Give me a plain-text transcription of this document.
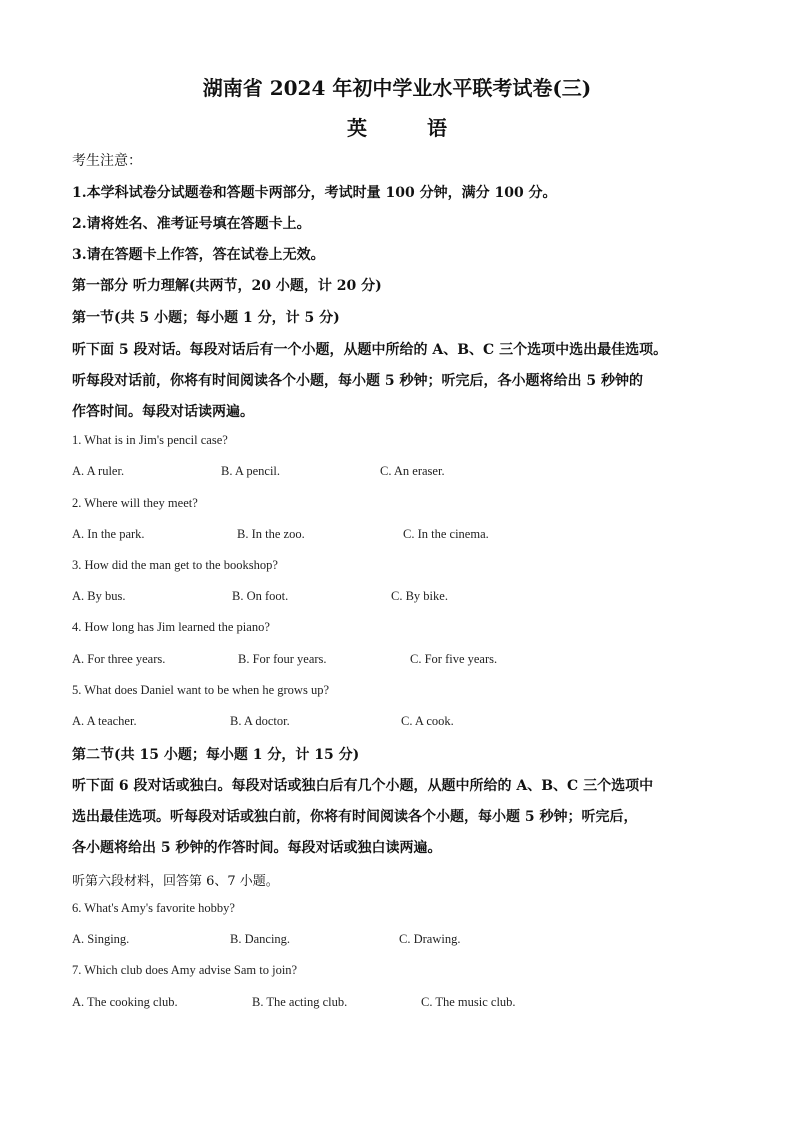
湖南省 2024 年初中学业水平联考试卷(三)
英语
考生注意：
1.本学科试卷分试题卷和答题卡两部分，考试时量 100 分钟，满分 100 分。
2.请将姓名、准考证号填在答题卡上。
3.请在答题卡上作答，答在试卷上无效。
第一部分 听力理解(共两节，20 小题，计 20 分)
第一节(共 5 小题；每小题 1 分，计 5 分)
听下面 5 段对话。每段对话后有一个小题，从题中所给的 A、B、C 三个选项中选出最佳选项。
听每段对话前，你将有时间阅读各个小题，每小题 5 秒钟；听完后，各小题将给出 5 秒钟的
作答时间。每段对话读两遍。
1. What is in Jim's pencil case?
A. A ruler.	B. A pencil.	C. An eraser.
2. Where will they meet?
A. In the park.	B. In the zoo.	C. In the cinema.
3. How did the man get to the bookshop?
A. By bus.	B. On foot.	C. By bike.
4. How long has Jim learned the piano?
A. For three years.	B. For four years.	C. For five years.
5. What does Daniel want to be when he grows up?
A. A teacher.	B. A doctor.	C. A cook.
第二节(共 15 小题；每小题 1 分，计 15 分)
听下面 6 段对话或独白。每段对话或独白后有几个小题，从题中所给的 A、B、C 三个选项中
选出最佳选项。听每段对话或独白前，你将有时间阅读各个小题，每小题 5 秒钟；听完后，
各小题将给出 5 秒钟的作答时间。每段对话或独白读两遍。
听第六段材料，回答第 6、7 小题。
6. What's Amy's favorite hobby?
A. Singing.	B. Dancing.	C. Drawing.
7. Which club does Amy advise Sam to join?
A. The cooking club.	B. The acting club.	C. The music club.
